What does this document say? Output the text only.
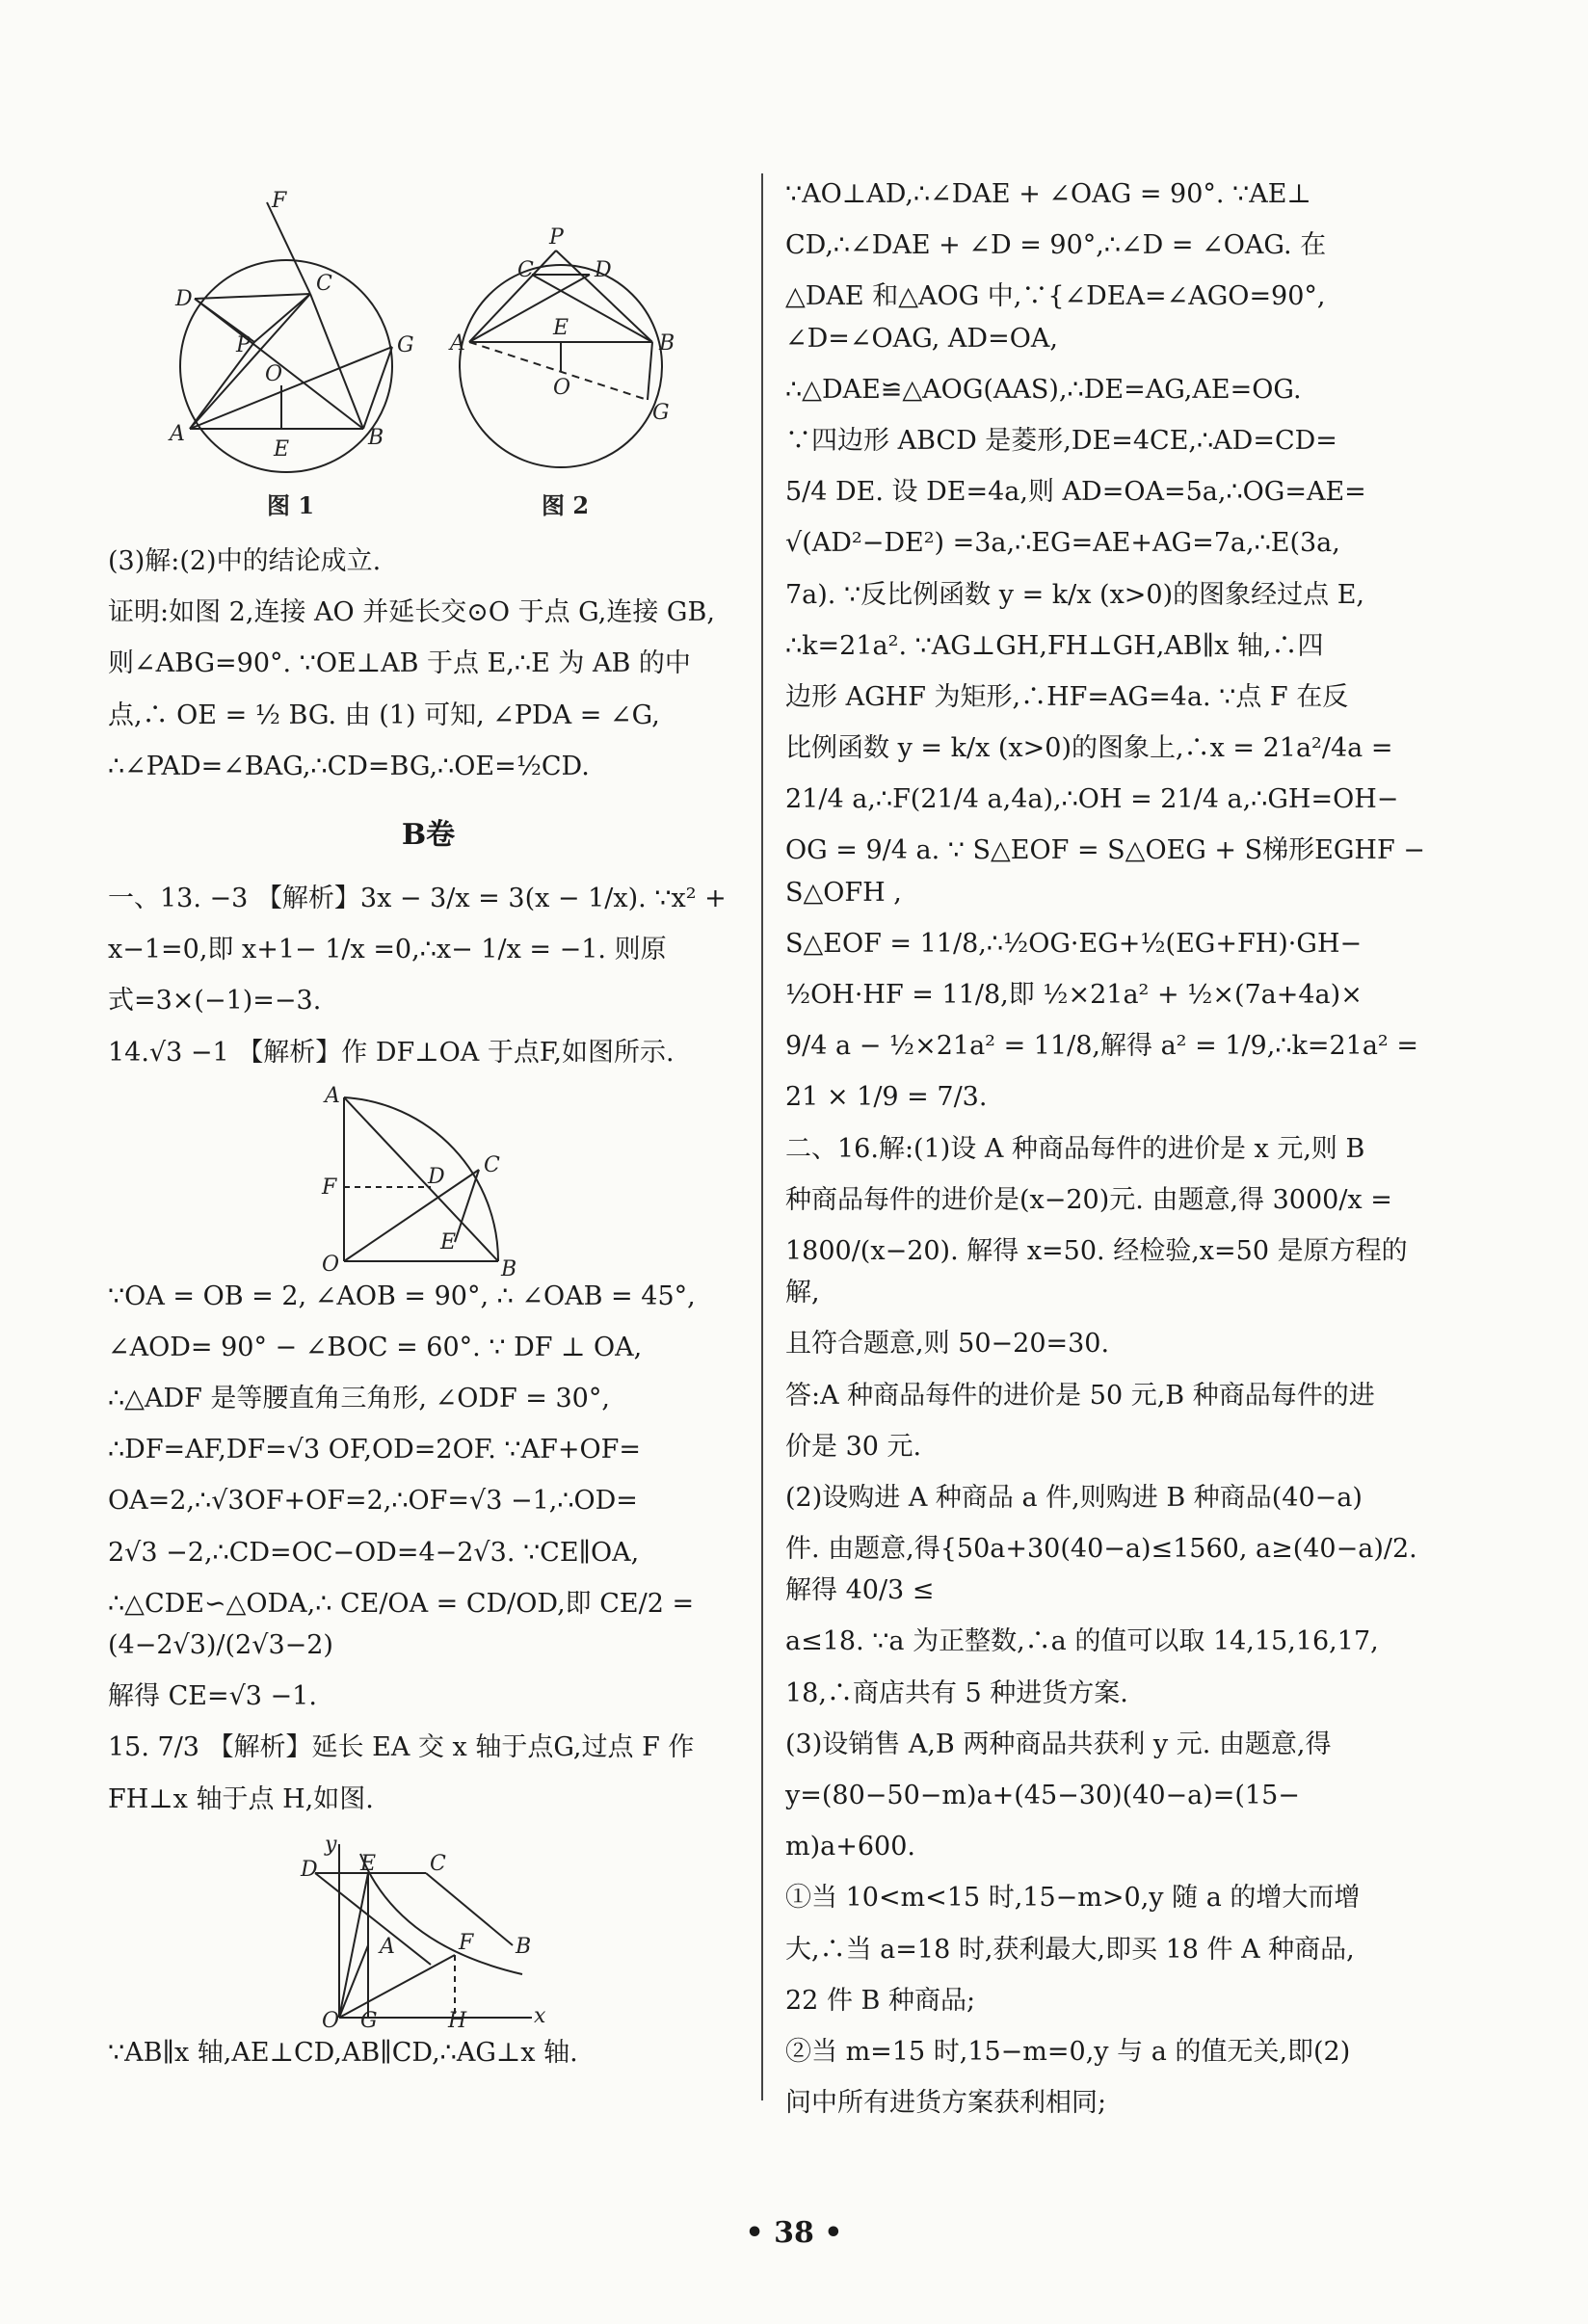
F
C
D
P	G
O
A
E	B
图 1
P
C	D
A
E
B
O
G
图 2

(3)解:(2)中的结论成立.

证明:如图 2,连接 AO 并延长交⊙O 于点 G,连接 GB,

则∠ABG=90°. ∵OE⊥AB 于点 E,∴E 为 AB 的中

点,∴ OE = ½ BG. 由 (1) 可知, ∠PDA = ∠G,

∴∠PAD=∠BAG,∴CD=BG,∴OE=½CD.

B卷

一、13. −3 【解析】3x − 3/x = 3(x − 1/x). ∵x² +

x−1=0,即 x+1− 1/x =0,∴x− 1/x = −1. 则原

式=3×(−1)=−3.

14.√3 −1 【解析】作 DF⊥OA 于点F,如图所示.

A
C
F	D
E
O	B

∵OA = OB = 2, ∠AOB = 90°, ∴ ∠OAB = 45°,

∠AOD= 90° − ∠BOC = 60°. ∵ DF ⊥ OA,

∴△ADF 是等腰直角三角形, ∠ODF = 30°,

∴DF=AF,DF=√3 OF,OD=2OF. ∵AF+OF=

OA=2,∴√3OF+OF=2,∴OF=√3 −1,∴OD=

2√3 −2,∴CD=OC−OD=4−2√3. ∵CE∥OA,

∴△CDE∽△ODA,∴ CE/OA = CD/OD,即 CE/2 = (4−2√3)/(2√3−2)

解得 CE=√3 −1.

15. 7/3 【解析】延长 EA 交 x 轴于点G,过点 F 作

FH⊥x 轴于点 H,如图.

y
D E	C
A	F B
O G	H	x

∵AB∥x 轴,AE⊥CD,AB∥CD,∴AG⊥x 轴.

∵AO⊥AD,∴∠DAE + ∠OAG = 90°. ∵AE⊥

CD,∴∠DAE + ∠D = 90°,∴∠D = ∠OAG. 在

△DAE 和△AOG 中,∵{∠DEA=∠AGO=90°, ∠D=∠OAG, AD=OA,

∴△DAE≌△AOG(AAS),∴DE=AG,AE=OG.

∵四边形 ABCD 是菱形,DE=4CE,∴AD=CD=

5/4 DE. 设 DE=4a,则 AD=OA=5a,∴OG=AE=

√(AD²−DE²) =3a,∴EG=AE+AG=7a,∴E(3a,

7a). ∵反比例函数 y = k/x (x>0)的图象经过点 E,

∴k=21a². ∵AG⊥GH,FH⊥GH,AB∥x 轴,∴四

边形 AGHF 为矩形,∴HF=AG=4a. ∵点 F 在反

比例函数 y = k/x (x>0)的图象上,∴x = 21a²/4a =

21/4 a,∴F(21/4 a,4a),∴OH = 21/4 a,∴GH=OH−

OG = 9/4 a. ∵ S△EOF = S△OEG + S梯形EGHF − S△OFH ,

S△EOF = 11/8,∴½OG·EG+½(EG+FH)·GH−

½OH·HF = 11/8,即 ½×21a² + ½×(7a+4a)×

9/4 a − ½×21a² = 11/8,解得 a² = 1/9,∴k=21a² =

21 × 1/9 = 7/3.

二、16.解:(1)设 A 种商品每件的进价是 x 元,则 B

种商品每件的进价是(x−20)元. 由题意,得 3000/x =

1800/(x−20). 解得 x=50. 经检验,x=50 是原方程的解,

且符合题意,则 50−20=30.

答:A 种商品每件的进价是 50 元,B 种商品每件的进

价是 30 元.

(2)设购进 A 种商品 a 件,则购进 B 种商品(40−a)

件. 由题意,得{50a+30(40−a)≤1560, a≥(40−a)/2. 解得 40/3 ≤

a≤18. ∵a 为正整数,∴a 的值可以取 14,15,16,17,

18,∴商店共有 5 种进货方案.

(3)设销售 A,B 两种商品共获利 y 元. 由题意,得

y=(80−50−m)a+(45−30)(40−a)=(15−

m)a+600.

①当 10<m<15 时,15−m>0,y 随 a 的增大而增

大,∴当 a=18 时,获利最大,即买 18 件 A 种商品,

22 件 B 种商品;

②当 m=15 时,15−m=0,y 与 a 的值无关,即(2)

问中所有进货方案获利相同;

• 38 •
